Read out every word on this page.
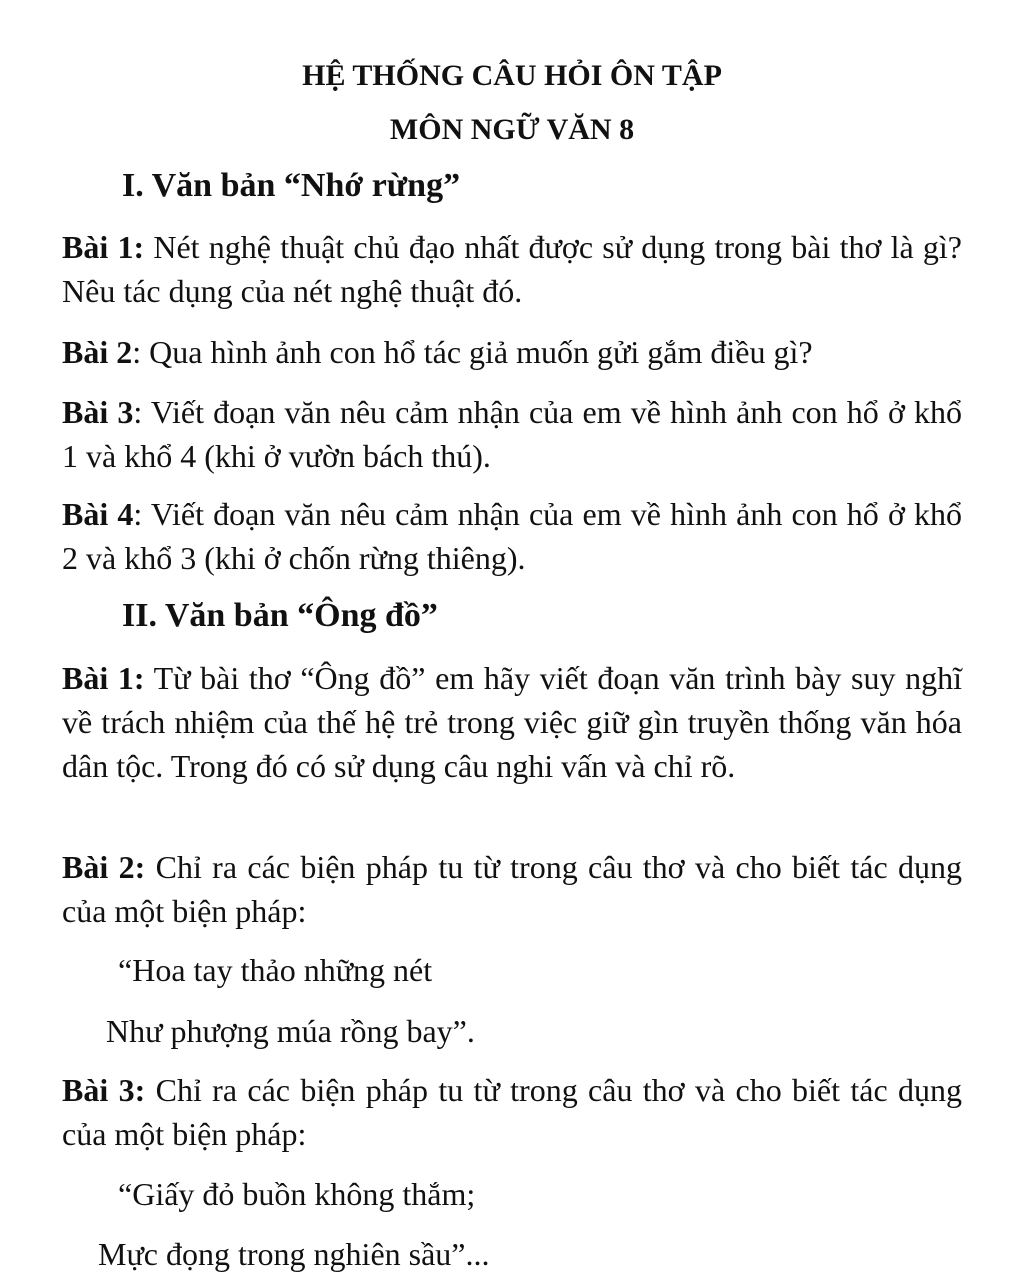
HỆ THỐNG CÂU HỎI ÔN TẬP
MÔN NGỮ VĂN 8
I. Văn bản “Nhớ rừng”
Bài 1: Nét nghệ thuật chủ đạo nhất được sử dụng trong bài thơ là gì? Nêu tác dụng của nét nghệ thuật đó.
Bài 2: Qua hình ảnh con hổ tác giả muốn gửi gắm điều gì?
Bài 3: Viết đoạn văn nêu cảm nhận của em về hình ảnh con hổ ở khổ 1 và khổ 4 (khi ở vườn bách thú).
Bài 4: Viết đoạn văn nêu cảm nhận của em về hình ảnh con hổ ở khổ 2 và khổ 3 (khi ở chốn rừng thiêng).
II. Văn bản “Ông đồ”
Bài 1: Từ bài thơ “Ông đồ” em hãy viết đoạn văn trình bày suy nghĩ về trách nhiệm của thế hệ trẻ trong việc giữ gìn truyền thống văn hóa dân tộc. Trong đó có sử dụng câu nghi vấn và chỉ rõ.
Bài 2: Chỉ ra các biện pháp tu từ trong câu thơ và cho biết tác dụng của một biện pháp:
“Hoa tay thảo những nét
Như phượng múa rồng bay”.
Bài 3: Chỉ ra các biện pháp tu từ trong câu thơ và cho biết tác dụng của một biện pháp:
“Giấy đỏ buồn không thắm;
Mực đọng trong nghiên sầu”...
